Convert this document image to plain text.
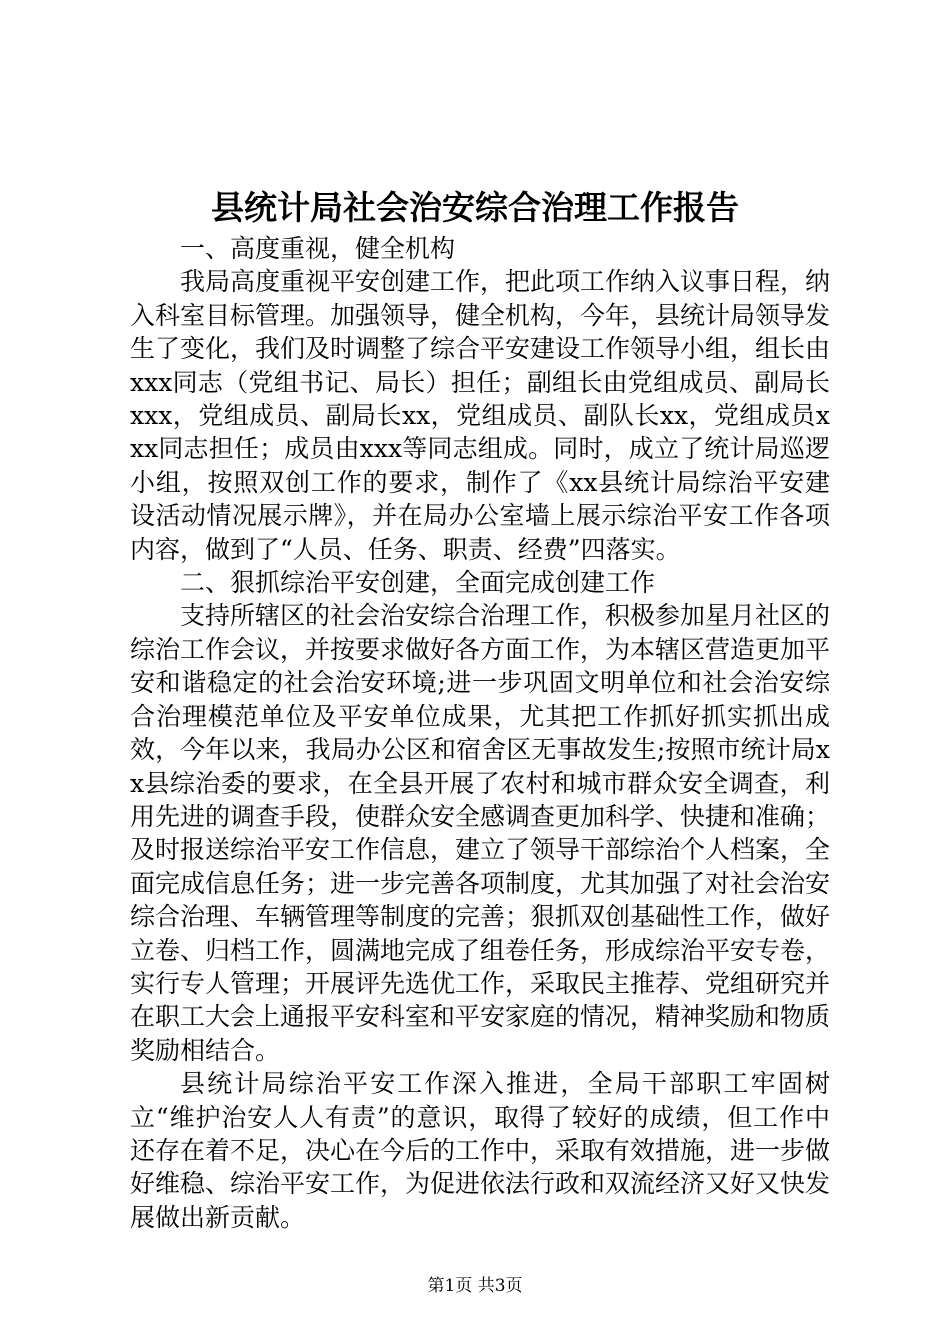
县统计局社会治安综合治理工作报告

一、高度重视，健全机构

我局高度重视平安创建工作，把此项工作纳入议事日程，纳入科室目标管理。加强领导，健全机构，今年，县统计局领导发生了变化，我们及时调整了综合平安建设工作领导小组，组长由xxx同志（党组书记、局长）担任；副组长由党组成员、副局长xxx，党组成员、副局长xx，党组成员、副队长xx，党组成员xxx同志担任；成员由xxx等同志组成。同时，成立了统计局巡逻小组，按照双创工作的要求，制作了《xx县统计局综治平安建设活动情况展示牌》，并在局办公室墙上展示综治平安工作各项内容，做到了“人员、任务、职责、经费”四落实。

二、狠抓综治平安创建，全面完成创建工作

支持所辖区的社会治安综合治理工作，积极参加星月社区的综治工作会议，并按要求做好各方面工作，为本辖区营造更加平安和谐稳定的社会治安环境;进一步巩固文明单位和社会治安综合治理模范单位及平安单位成果，尤其把工作抓好抓实抓出成效，今年以来，我局办公区和宿舍区无事故发生;按照市统计局xx县综治委的要求，在全县开展了农村和城市群众安全调查，利用先进的调查手段，使群众安全感调查更加科学、快捷和准确；及时报送综治平安工作信息，建立了领导干部综治个人档案，全面完成信息任务；进一步完善各项制度，尤其加强了对社会治安综合治理、车辆管理等制度的完善；狠抓双创基础性工作，做好立卷、归档工作，圆满地完成了组卷任务，形成综治平安专卷，实行专人管理；开展评先选优工作，采取民主推荐、党组研究并在职工大会上通报平安科室和平安家庭的情况，精神奖励和物质奖励相结合。

县统计局综治平安工作深入推进，全局干部职工牢固树立“维护治安人人有责”的意识，取得了较好的成绩，但工作中还存在着不足，决心在今后的工作中，采取有效措施，进一步做好维稳、综治平安工作，为促进依法行政和双流经济又好又快发展做出新贡献。

第1页 共3页
